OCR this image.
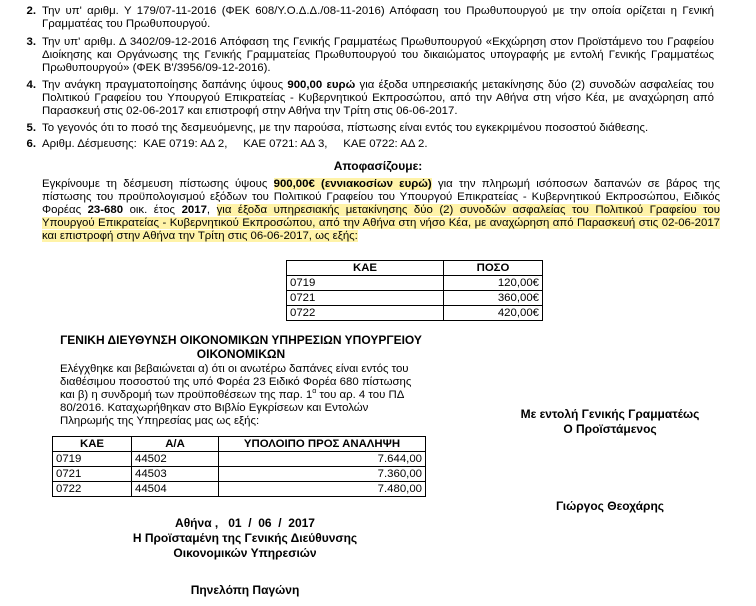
2. Την υπ' αριθμ. Υ 179/07-11-2016 (ΦΕΚ 608/Υ.Ο.Δ.Δ./08-11-2016) Απόφαση του Πρωθυπουργού με την οποία ορίζεται η Γενική Γραμματέας του Πρωθυπουργού.
3. Την υπ' αριθμ. Δ 3402/09-12-2016 Απόφαση της Γενικής Γραμματέως Πρωθυπουργού «Εκχώρηση στον Προϊστάμενο του Γραφείου Διοίκησης και Οργάνωσης της Γενικής Γραμματείας Πρωθυπουργού του δικαιώματος υπογραφής με εντολή Γενικής Γραμματέως Πρωθυπουργού» (ΦΕΚ Β'/3956/09-12-2016).
4. Την ανάγκη πραγματοποίησης δαπάνης ύψους 900,00 ευρώ για έξοδα υπηρεσιακής μετακίνησης δύο (2) συνοδών ασφαλείας του Πολιτικού Γραφείου του Υπουργού Επικρατείας - Κυβερνητικού Εκπροσώπου, από την Αθήνα στη νήσο Κέα, με αναχώρηση από Παρασκευή στις 02-06-2017 και επιστροφή στην Αθήνα την Τρίτη στις 06-06-2017.
5. Το γεγονός ότι το ποσό της δεσμευόμενης, με την παρούσα, πίστωσης είναι εντός του εγκεκριμένου ποσοστού διάθεσης.
6. Αριθμ. Δέσμευσης:  ΚΑΕ 0719: ΑΔ 2,     ΚΑΕ 0721: ΑΔ 3,     ΚΑΕ 0722: ΑΔ 2.
Αποφασίζουμε:
Εγκρίνουμε τη δέσμευση πίστωσης ύψους 900,00€ (εννιακοσίων ευρώ) για την πληρωμή ισόποσων δαπανών σε βάρος της πίστωσης του προϋπολογισμού εξόδων του Πολιτικού Γραφείου του Υπουργού Επικρατείας - Κυβερνητικού Εκπροσώπου, Ειδικός Φορέας 23-680 οικ. έτος 2017, για έξοδα υπηρεσιακής μετακίνησης δύο (2) συνοδών ασφαλείας του Πολιτικού Γραφείου του Υπουργού Επικρατείας - Κυβερνητικού Εκπροσώπου, από την Αθήνα στη νήσο Κέα, με αναχώρηση από Παρασκευή στις 02-06-2017 και επιστροφή στην Αθήνα την Τρίτη στις 06-06-2017, ως εξής:
ΚΑΕ	ΠΟΣΟ
0719	120,00€
0721	360,00€
0722	420,00€
ΓΕΝΙΚΗ ΔΙΕΥΘΥΝΣΗ ΟΙΚΟΝΟΜΙΚΩΝ ΥΠΗΡΕΣΙΩΝ ΥΠΟΥΡΓΕΙΟΥ ΟΙΚΟΝΟΜΙΚΩΝ
Ελέγχθηκε και βεβαιώνεται α) ότι οι ανωτέρω δαπάνες είναι εντός του διαθέσιμου ποσοστού της υπό Φορέα 23 Ειδικό Φορέα 680 πίστωσης και β) η συνδρομή των προϋποθέσεων της παρ. $1^\alpha$ του αρ. 4 του ΠΔ 80/2016. Καταχωρήθηκαν στο Βιβλίο Εγκρίσεων και Εντολών Πληρωμής της Υπηρεσίας μας ως εξής:
ΚΑΕ	Α/Α	ΥΠΟΛΟΙΠΟ ΠΡΟΣ ΑΝΑΛΗΨΗ
0719	44502	7.644,00
0721	44503	7.360,00
0722	44504	7.480,00
Με εντολή Γενικής Γραμματέως
Ο Προϊστάμενος
Γιώργος Θεοχάρης
Αθήνα ,   01  /  06  /  2017
Η Προϊσταμένη της Γενικής Διεύθυνσης
Οικονομικών Υπηρεσιών
Πηνελόπη Παγώνη
